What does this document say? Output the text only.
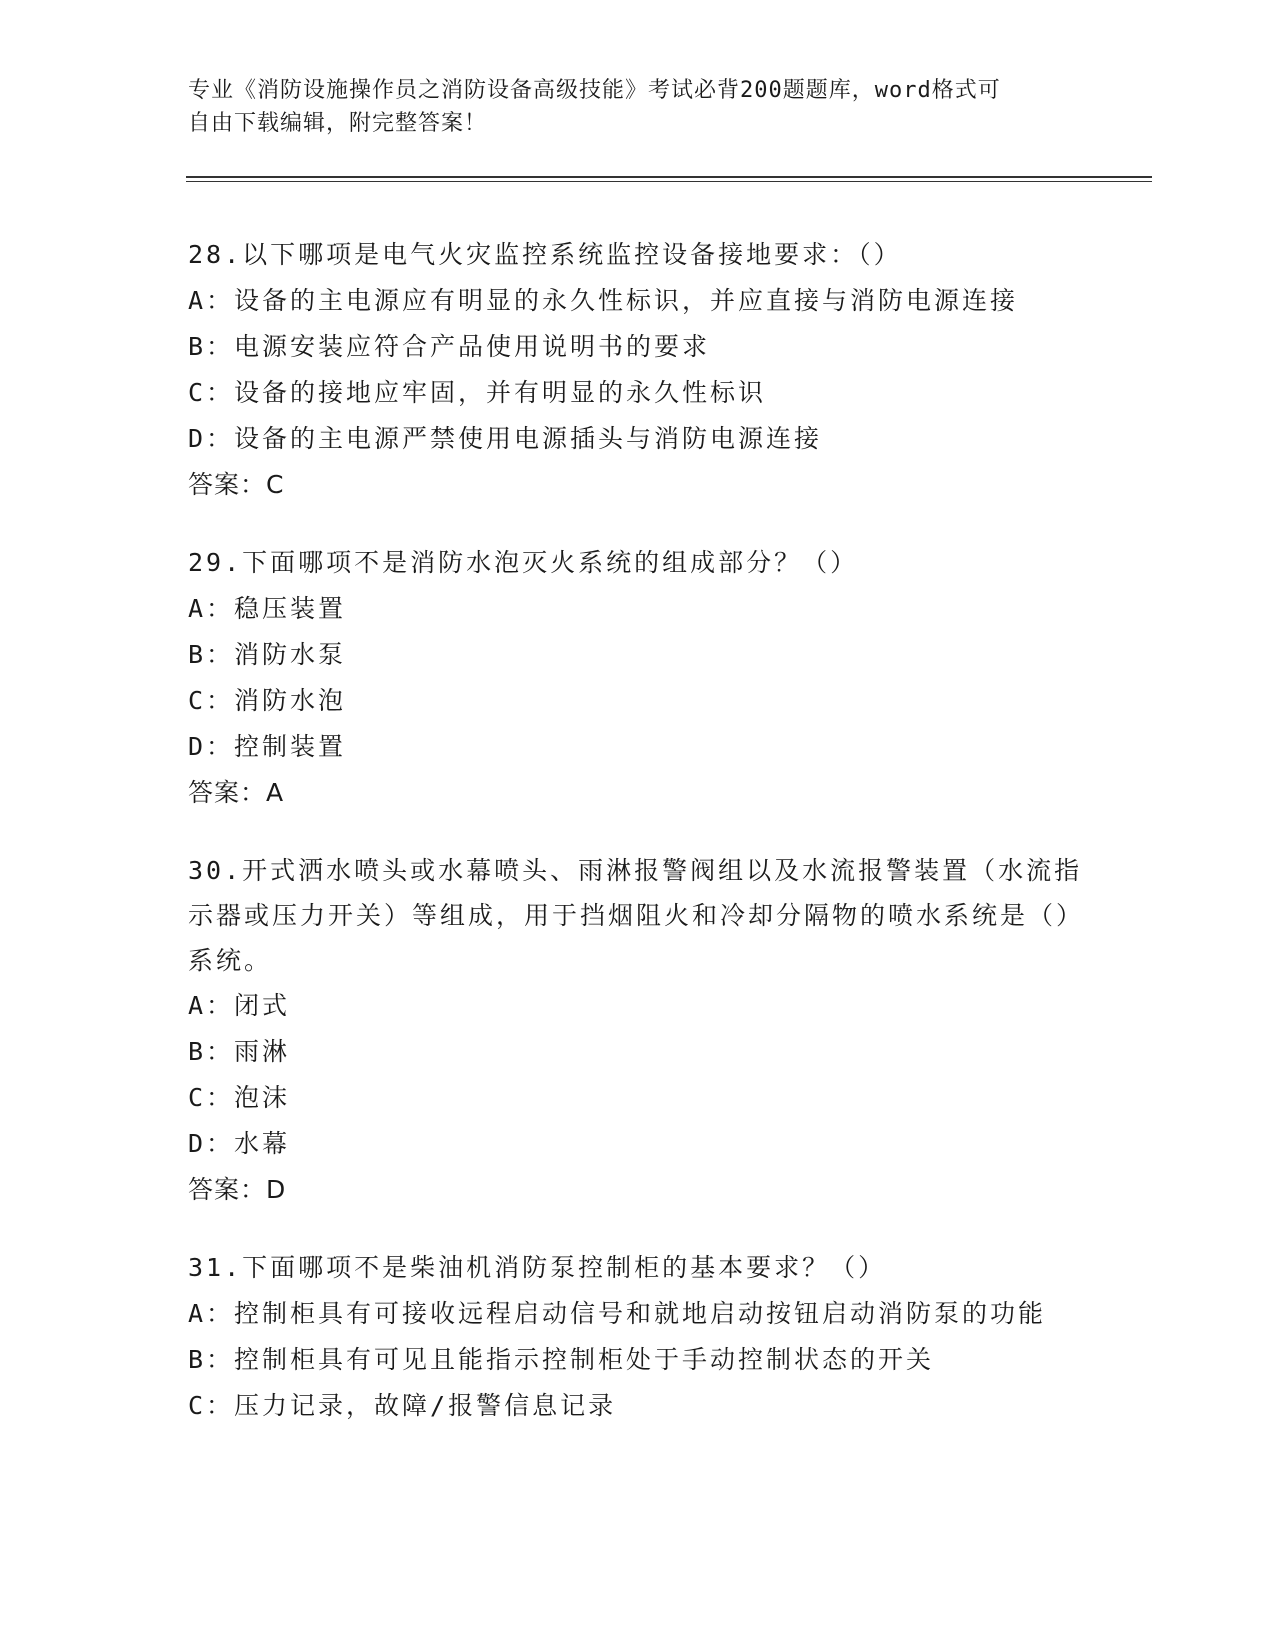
专业《消防设施操作员之消防设备高级技能》考试必背200题题库，word格式可
自由下载编辑，附完整答案！
28.以下哪项是电气火灾监控系统监控设备接地要求：（）
A：设备的主电源应有明显的永久性标识，并应直接与消防电源连接
B：电源安装应符合产品使用说明书的要求
C：设备的接地应牢固，并有明显的永久性标识
D：设备的主电源严禁使用电源插头与消防电源连接
答案：C
29.下面哪项不是消防水泡灭火系统的组成部分？（）
A：稳压装置
B：消防水泵
C：消防水泡
D：控制装置
答案：A
30.开式洒水喷头或水幕喷头、雨淋报警阀组以及水流报警装置（水流指示器或压力开关）等组成，用于挡烟阻火和冷却分隔物的喷水系统是（）系统。
A：闭式
B：雨淋
C：泡沫
D：水幕
答案：D
31.下面哪项不是柴油机消防泵控制柜的基本要求？（）
A：控制柜具有可接收远程启动信号和就地启动按钮启动消防泵的功能
B：控制柜具有可见且能指示控制柜处于手动控制状态的开关
C：压力记录，故障/报警信息记录
